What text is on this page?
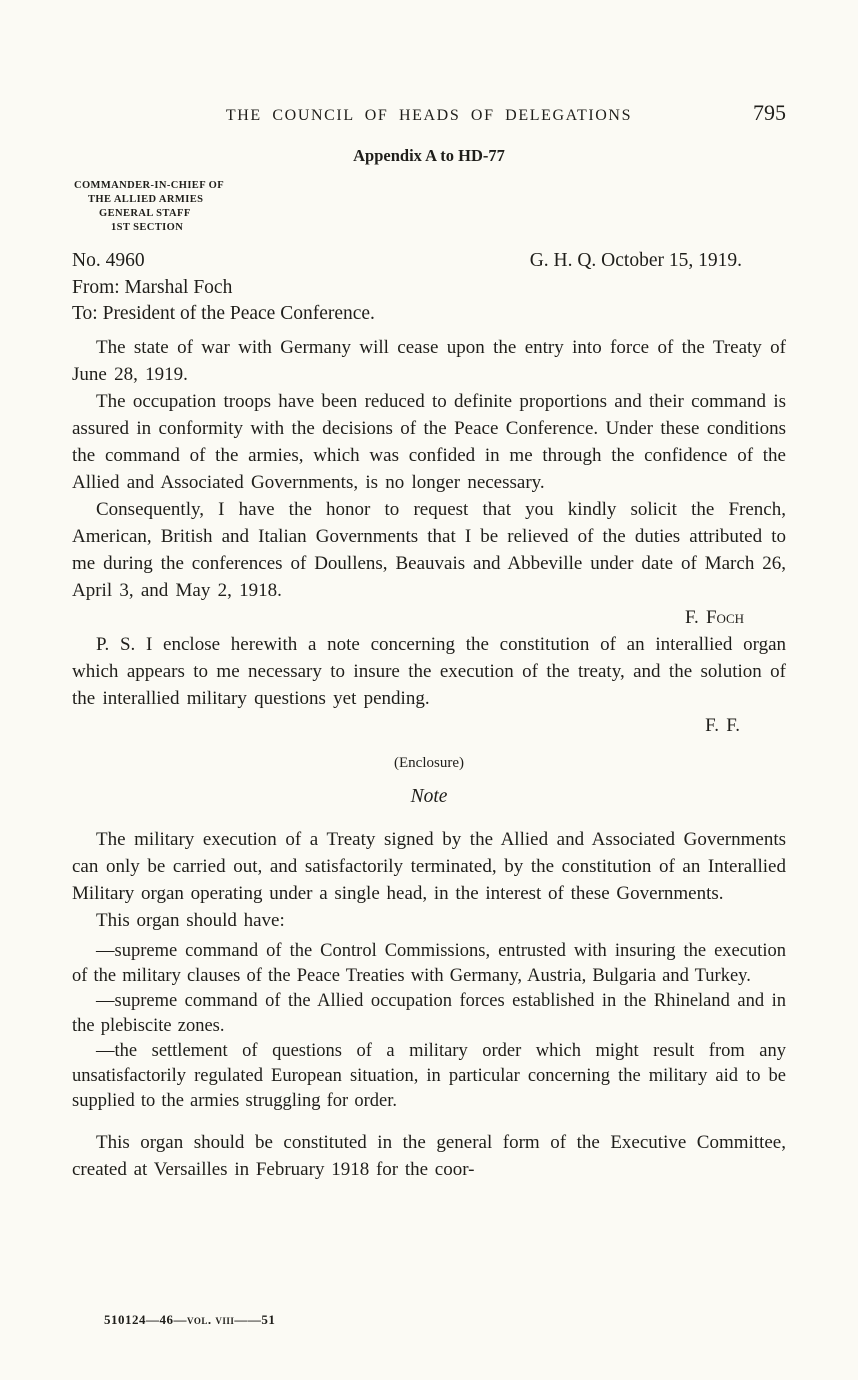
THE COUNCIL OF HEADS OF DELEGATIONS	795
Appendix A to HD-77
COMMANDER-IN-CHIEF OF
THE ALLIED ARMIES
GENERAL STAFF
1ST SECTION
No. 4960	G. H. Q. October 15, 1919.
From: Marshal Foch
To: President of the Peace Conference.

The state of war with Germany will cease upon the entry into force of the Treaty of June 28, 1919.

The occupation troops have been reduced to definite proportions and their command is assured in conformity with the decisions of the Peace Conference. Under these conditions the command of the armies, which was confided in me through the confidence of the Allied and Associated Governments, is no longer necessary.

Consequently, I have the honor to request that you kindly solicit the French, American, British and Italian Governments that I be relieved of the duties attributed to me during the conferences of Doullens, Beauvais and Abbeville under date of March 26, April 3, and May 2, 1918.

F. Foch

P. S. I enclose herewith a note concerning the constitution of an interallied organ which appears to me necessary to insure the execution of the treaty, and the solution of the interallied military questions yet pending.

F. F.

(Enclosure)
Note

The military execution of a Treaty signed by the Allied and Associated Governments can only be carried out, and satisfactorily terminated, by the constitution of an Interallied Military organ operating under a single head, in the interest of these Governments.

This organ should have:

—supreme command of the Control Commissions, entrusted with insuring the execution of the military clauses of the Peace Treaties with Germany, Austria, Bulgaria and Turkey.

—supreme command of the Allied occupation forces established in the Rhineland and in the plebiscite zones.

—the settlement of questions of a military order which might result from any unsatisfactorily regulated European situation, in particular concerning the military aid to be supplied to the armies struggling for order.

This organ should be constituted in the general form of the Executive Committee, created at Versailles in February 1918 for the coor-

510124—46—vol. viii——51
